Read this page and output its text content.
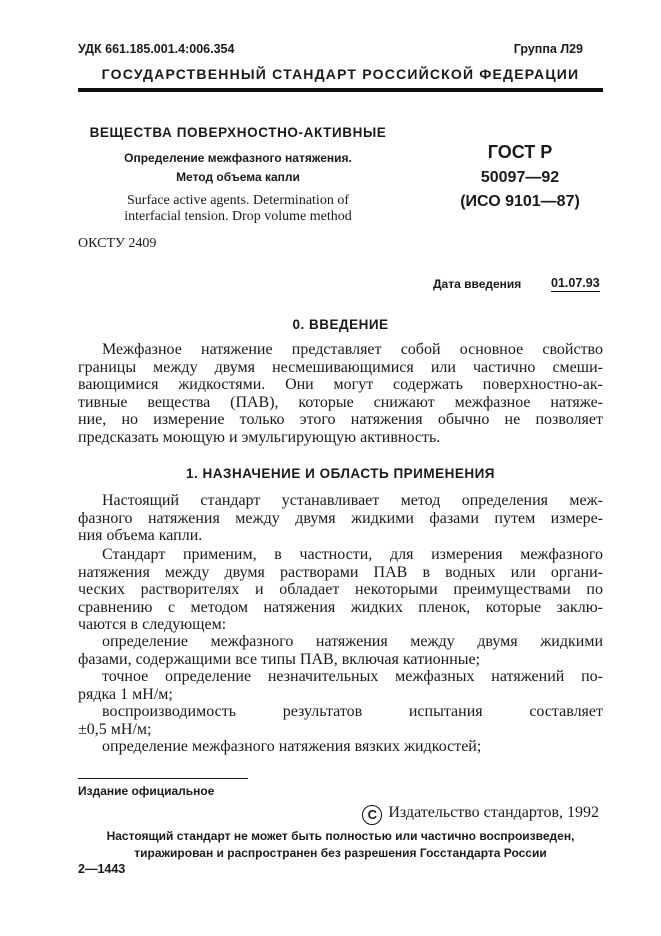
УДК 661.185.001.4:006.354	Группа Л29
ГОСУДАРСТВЕННЫЙ СТАНДАРТ РОССИЙСКОЙ ФЕДЕРАЦИИ
ВЕЩЕСТВА ПОВЕРХНОСТНО-АКТИВНЫЕ
Определение межфазного натяжения.
Метод объема капли
Surface active agents. Determination of
interfacial tension. Drop volume method
ГОСТ Р
50097—92
(ИСО 9101—87)
ОКСТУ 2409
Дата введения 01.07.93
0. ВВЕДЕНИЕ
Межфазное натяжение представляет собой основное свойство
границы между двумя несмешивающимися или частично смеши-
вающимися жидкостями. Они могут содержать поверхностно-ак-
тивные вещества (ПАВ), которые снижают межфазное натяже-
ние, но измерение только этого натяжения обычно не позволяет
предсказать моющую и эмульгирующую активность.
1. НАЗНАЧЕНИЕ И ОБЛАСТЬ ПРИМЕНЕНИЯ
Настоящий стандарт устанавливает метод определения меж-
фазного натяжения между двумя жидкими фазами путем измере-
ния объема капли.
Стандарт применим, в частности, для измерения межфазного
натяжения между двумя растворами ПАВ в водных или органи-
ческих растворителях и обладает некоторыми преимуществами по
сравнению с методом натяжения жидких пленок, которые заклю-
чаются в следующем:
определение межфазного натяжения между двумя жидкими
фазами, содержащими все типы ПАВ, включая катионные;
точное определение незначительных межфазных натяжений по-
рядка 1 мН/м;
воспроизводимость результатов испытания составляет
±0,5 мН/м;
определение межфазного натяжения вязких жидкостей;
Издание официальное
C Издательство стандартов, 1992
Настоящий стандарт не может быть полностью или частично воспроизведен,
тиражирован и распространен без разрешения Госстандарта России
2—1443
